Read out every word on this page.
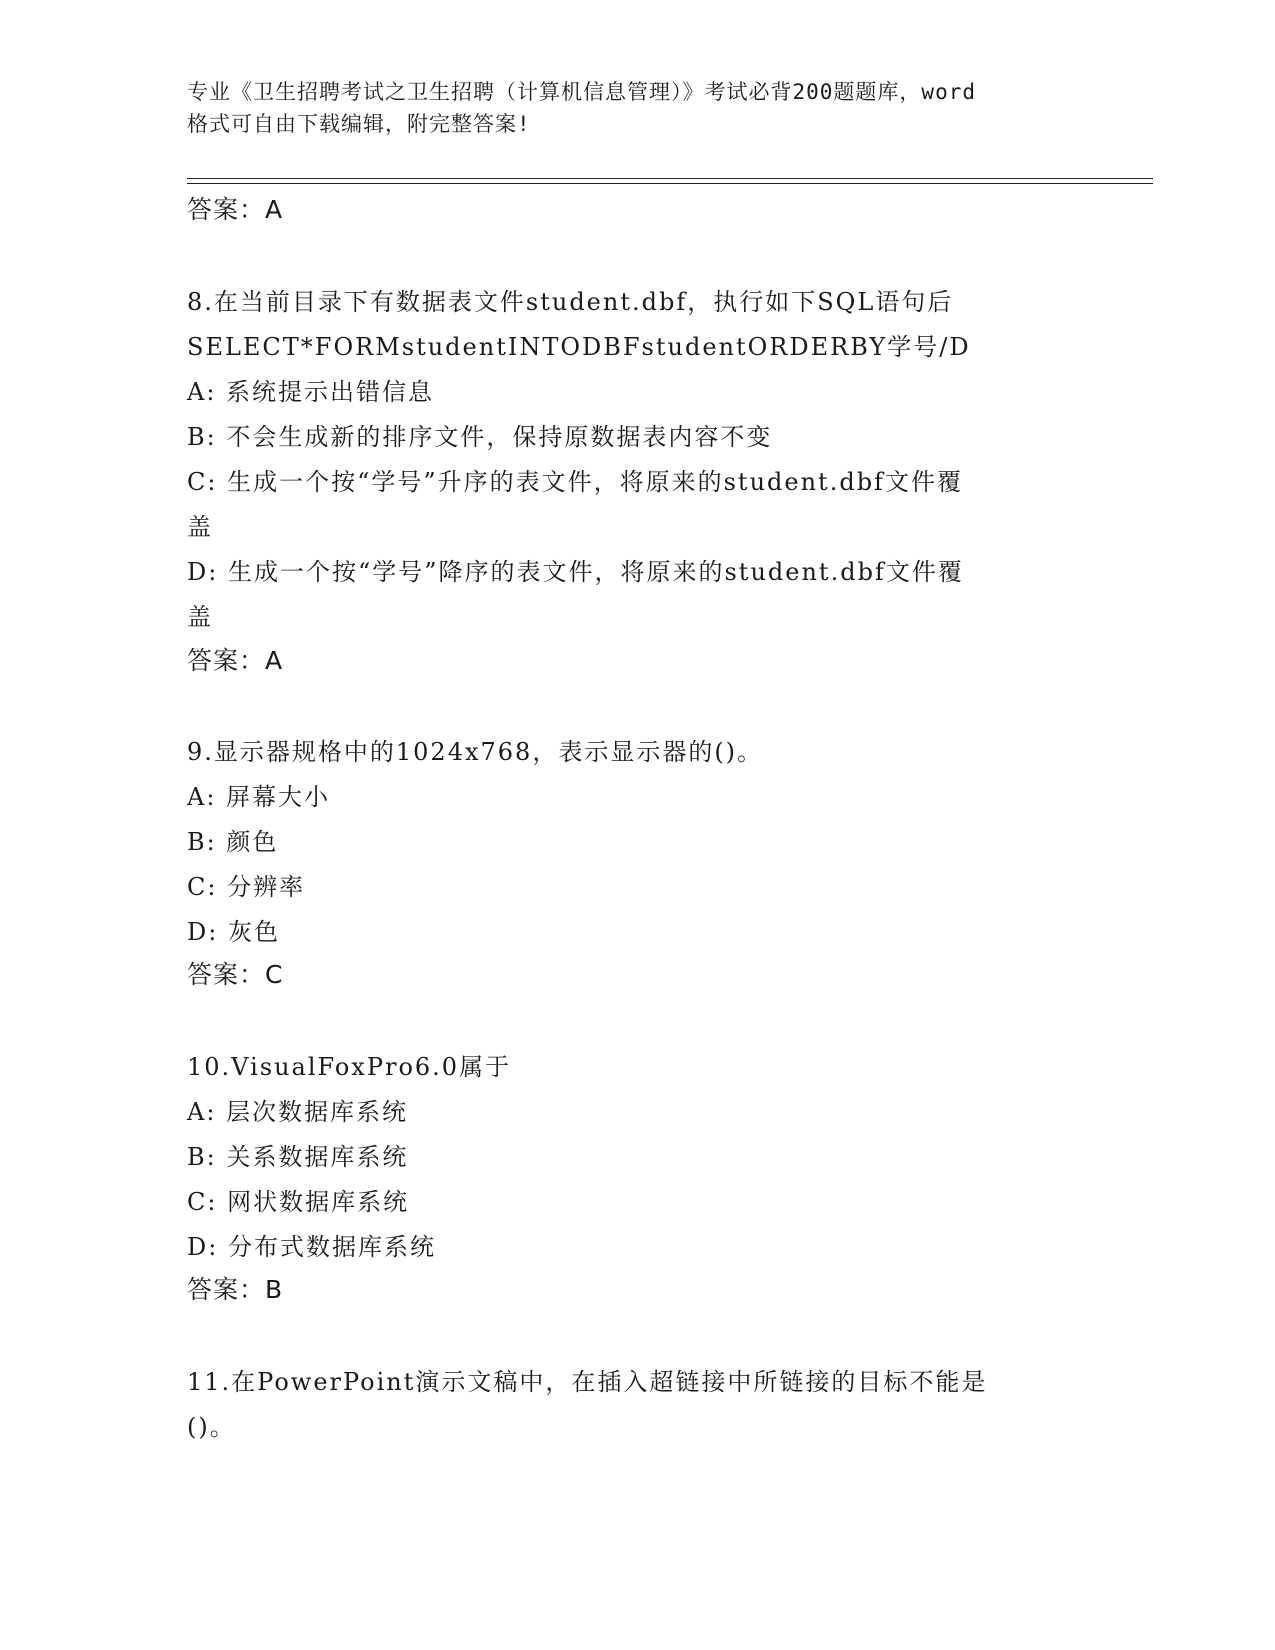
专业《卫生招聘考试之卫生招聘（计算机信息管理）》考试必背200题题库，word
格式可自由下载编辑，附完整答案!
答案：A
8.在当前目录下有数据表文件student.dbf，执行如下SQL语句后
SELECT*FORMstudentINTODBFstudentORDERBY学号/D
A: 系统提示出错信息
B: 不会生成新的排序文件，保持原数据表内容不变
C: 生成一个按“学号”升序的表文件，将原来的student.dbf文件覆
盖
D: 生成一个按“学号”降序的表文件，将原来的student.dbf文件覆
盖
答案：A
9.显示器规格中的1024x768，表示显示器的()。
A: 屏幕大小
B: 颜色
C: 分辨率
D: 灰色
答案：C
10.VisualFoxPro6.0属于
A: 层次数据库系统
B: 关系数据库系统
C: 网状数据库系统
D: 分布式数据库系统
答案：B
11.在PowerPoint演示文稿中，在插入超链接中所链接的目标不能是
()。
